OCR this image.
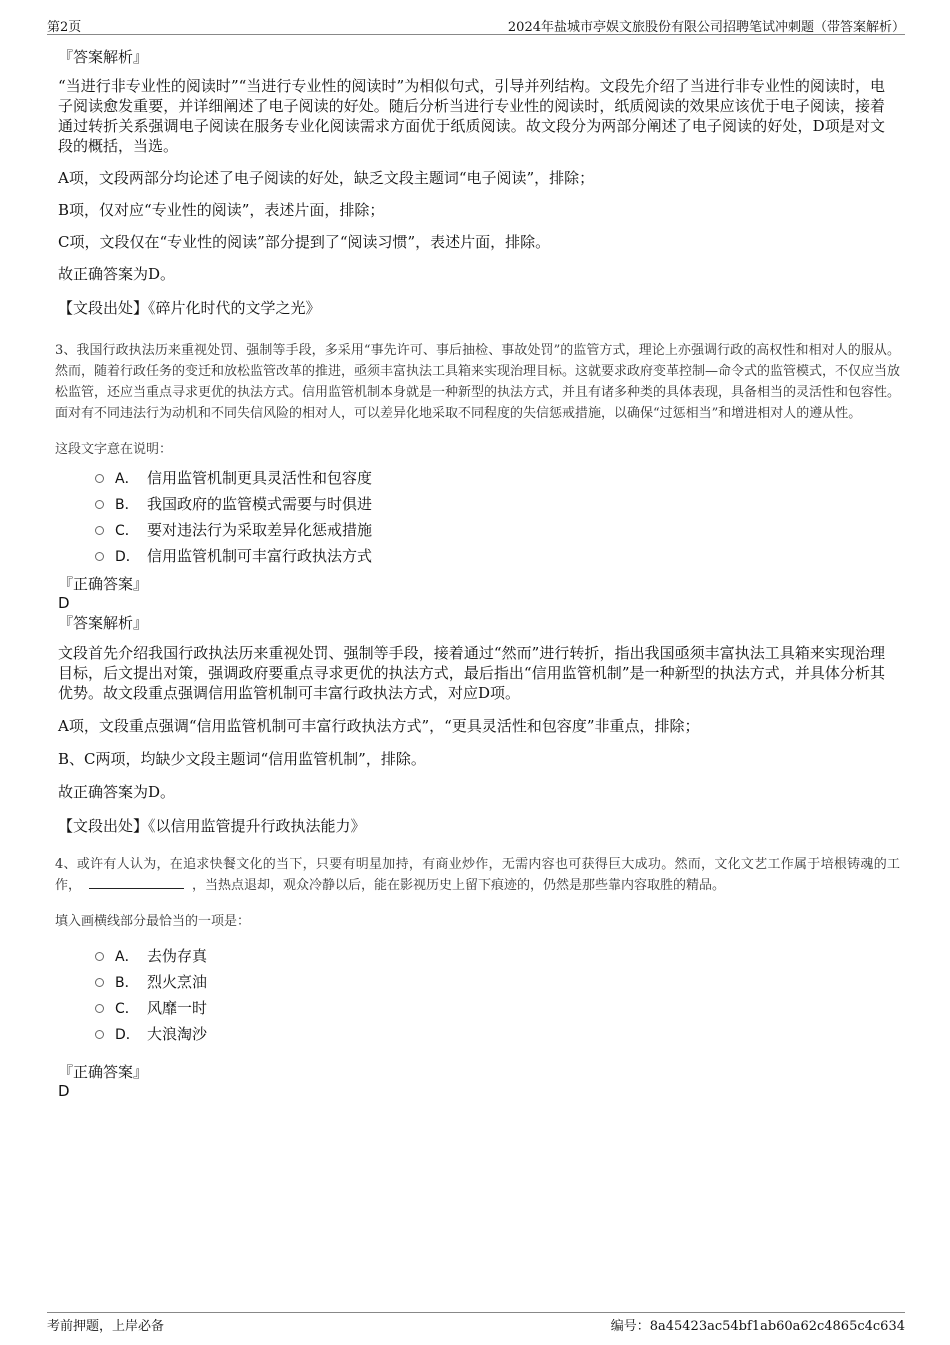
第2页	2024年盐城市亭娱文旅股份有限公司招聘笔试冲刺题（带答案解析）
『答案解析』
“当进行非专业性的阅读时”“当进行专业性的阅读时”为相似句式，引导并列结构。文段先介绍了当进行非专业性的阅读时，电子阅读愈发重要，并详细阐述了电子阅读的好处。随后分析当进行专业性的阅读时，纸质阅读的效果应该优于电子阅读，接着通过转折关系强调电子阅读在服务专业化阅读需求方面优于纸质阅读。故文段分为两部分阐述了电子阅读的好处，D项是对文段的概括，当选。
A项，文段两部分均论述了电子阅读的好处，缺乏文段主题词“电子阅读”，排除；
B项，仅对应“专业性的阅读”，表述片面，排除；
C项，文段仅在“专业性的阅读”部分提到了“阅读习惯”，表述片面，排除。
故正确答案为D。
【文段出处】《碎片化时代的文学之光》

3、我国行政执法历来重视处罚、强制等手段，多采用“事先许可、事后抽检、事故处罚”的监管方式，理论上亦强调行政的高权性和相对人的服从。然而，随着行政任务的变迁和放松监管改革的推进，亟须丰富执法工具箱来实现治理目标。这就要求政府变革控制—命令式的监管模式，不仅应当放松监管，还应当重点寻求更优的执法方式。信用监管机制本身就是一种新型的执法方式，并且有诸多种类的具体表现，具备相当的灵活性和包容性。面对有不同违法行为动机和不同失信风险的相对人，可以差异化地采取不同程度的失信惩戒措施，以确保“过惩相当”和增进相对人的遵从性。

这段文字意在说明：

A． 信用监管机制更具灵活性和包容度
B． 我国政府的监管模式需要与时俱进
C． 要对违法行为采取差异化惩戒措施
D． 信用监管机制可丰富行政执法方式
『正确答案』
D
『答案解析』
文段首先介绍我国行政执法历来重视处罚、强制等手段，接着通过“然而”进行转折，指出我国亟须丰富执法工具箱来实现治理目标，后文提出对策，强调政府要重点寻求更优的执法方式，最后指出“信用监管机制”是一种新型的执法方式，并具体分析其优势。故文段重点强调信用监管机制可丰富行政执法方式，对应D项。
A项，文段重点强调“信用监管机制可丰富行政执法方式”，“更具灵活性和包容度”非重点，排除；
B、C两项，均缺少文段主题词“信用监管机制”，排除。
故正确答案为D。
【文段出处】《以信用监管提升行政执法能力》

4、或许有人认为，在追求快餐文化的当下，只要有明星加持，有商业炒作，无需内容也可获得巨大成功。然而，文化文艺工作属于培根铸魂的工作，	，当热点退却，观众冷静以后，能在影视历史上留下痕迹的，仍然是那些靠内容取胜的精品。

填入画横线部分最恰当的一项是：

A． 去伪存真
B． 烈火烹油
C． 风靡一时
D． 大浪淘沙
『正确答案』
D
考前押题，上岸必备	编号：8a45423ac54bf1ab60a62c4865c4c634
